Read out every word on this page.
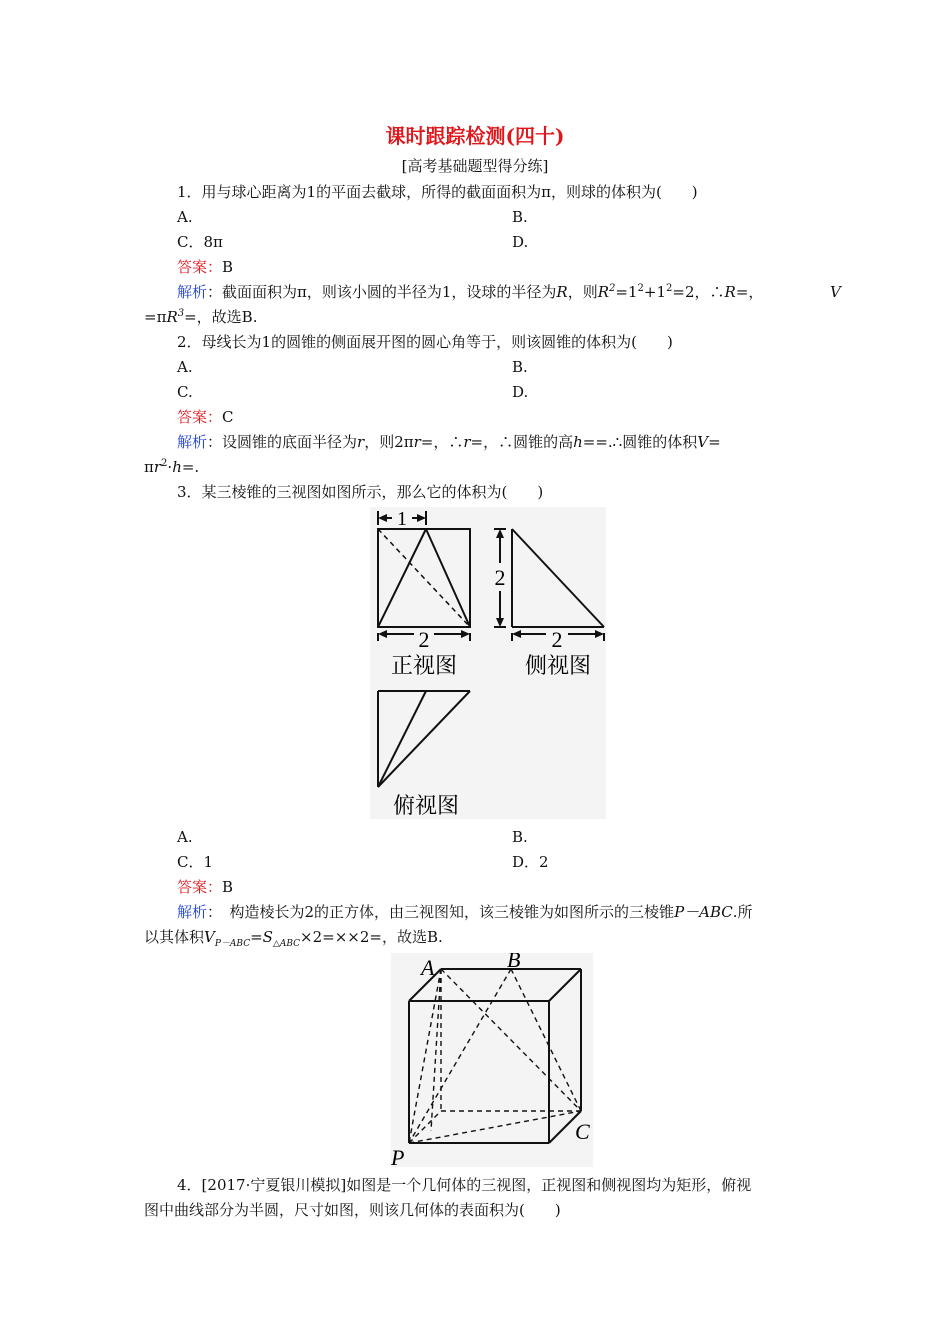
课时跟踪检测(四十)
[高考基础题型得分练]
1．用与球心距离为1的平面去截球，所得的截面面积为π，则球的体积为(　　)
A.	B.
C．8π	D.
答案：B
解析：截面面积为π，则该小圆的半径为1，设球的半径为R，则$R^2=1^2+1^2=2$，∴R=，	V
$=\pi R^3=$，故选B.
2．母线长为1的圆锥的侧面展开图的圆心角等于，则该圆锥的体积为(　　)
A.	B.
C.	D.
答案：C
解析：设圆锥的底面半径为r，则2πr=，∴r=，∴圆锥的高h==.∴圆锥的体积V=
$\pi r^2\cdot h=$.
3．某三棱锥的三视图如图所示，那么它的体积为(　　)
1
2
正视图
2
2
侧视图
俯视图
A.	B.
C．1	D．2
答案：B
解析：　构造棱长为2的正方体，由三视图知，该三棱锥为如图所示的三棱锥P－ABC.所
以其体积$V_{P-ABC}=S_{\triangle ABC}\times 2=\times\times 2=$，故选B.
A	B
C
P
4．[2017·宁夏银川模拟]如图是一个几何体的三视图，正视图和侧视图均为矩形，俯视
图中曲线部分为半圆，尺寸如图，则该几何体的表面积为(　　)
